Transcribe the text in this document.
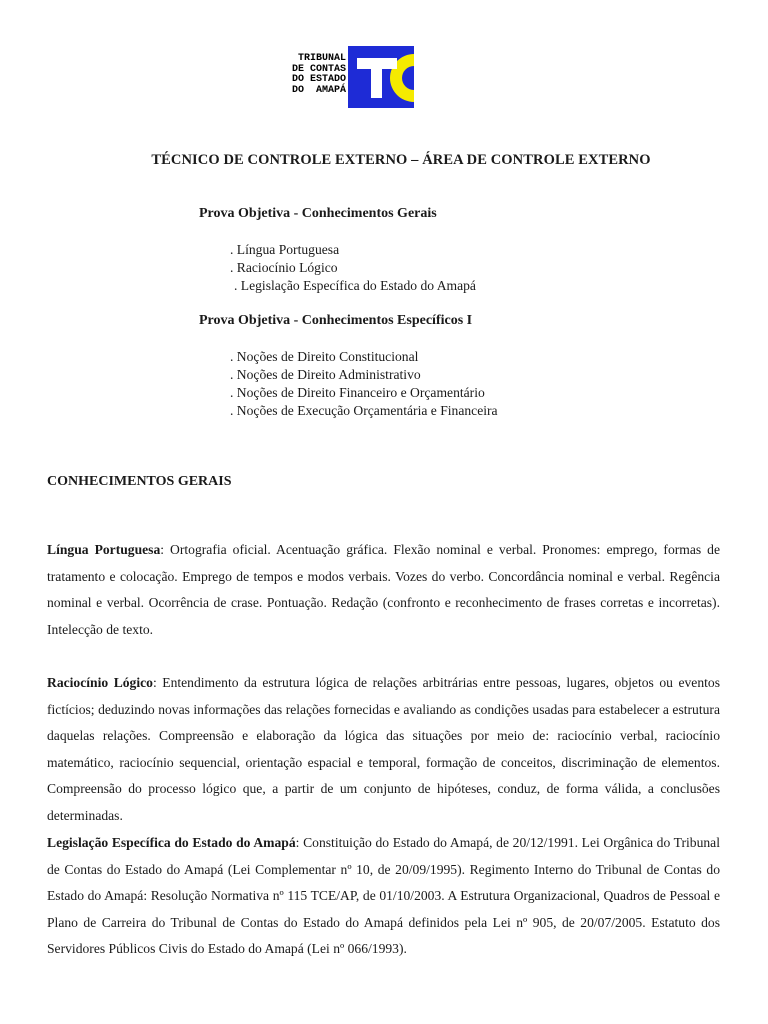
TRIBUNAL
DE CONTAS
DO ESTADO
DO  AMAPÁ
TÉCNICO DE CONTROLE EXTERNO – ÁREA DE CONTROLE EXTERNO
Prova Objetiva - Conhecimentos Gerais
. Língua Portuguesa
. Raciocínio Lógico
. Legislação Específica do Estado do Amapá
Prova Objetiva - Conhecimentos Específicos I
. Noções de Direito Constitucional
. Noções de Direito Administrativo
. Noções de Direito Financeiro e Orçamentário
. Noções de Execução Orçamentária e Financeira
CONHECIMENTOS GERAIS

Língua Portuguesa: Ortografia oficial. Acentuação gráfica. Flexão nominal e verbal. Pronomes: emprego, formas de tratamento e colocação. Emprego de tempos e modos verbais. Vozes do verbo. Concordância nominal e verbal. Regência nominal e verbal. Ocorrência de crase. Pontuação. Redação (confronto e reconhecimento de frases corretas e incorretas). Intelecção de texto.

Raciocínio Lógico: Entendimento da estrutura lógica de relações arbitrárias entre pessoas, lugares, objetos ou eventos fictícios; deduzindo novas informações das relações fornecidas e avaliando as condições usadas para estabelecer a estrutura daquelas relações. Compreensão e elaboração da lógica das situações por meio de: raciocínio verbal, raciocínio matemático, raciocínio sequencial, orientação espacial e temporal, formação de conceitos, discriminação de elementos. Compreensão do processo lógico que, a partir de um conjunto de hipóteses, conduz, de forma válida, a conclusões determinadas.

Legislação Específica do Estado do Amapá: Constituição do Estado do Amapá, de 20/12/1991. Lei Orgânica do Tribunal de Contas do Estado do Amapá (Lei Complementar nº 10, de 20/09/1995). Regimento Interno do Tribunal de Contas do Estado do Amapá: Resolução Normativa nº 115 TCE/AP, de 01/10/2003. A Estrutura Organizacional, Quadros de Pessoal e Plano de Carreira do Tribunal de Contas do Estado do Amapá definidos pela Lei nº 905, de 20/07/2005. Estatuto dos Servidores Públicos Civis do Estado do Amapá (Lei nº 066/1993).
